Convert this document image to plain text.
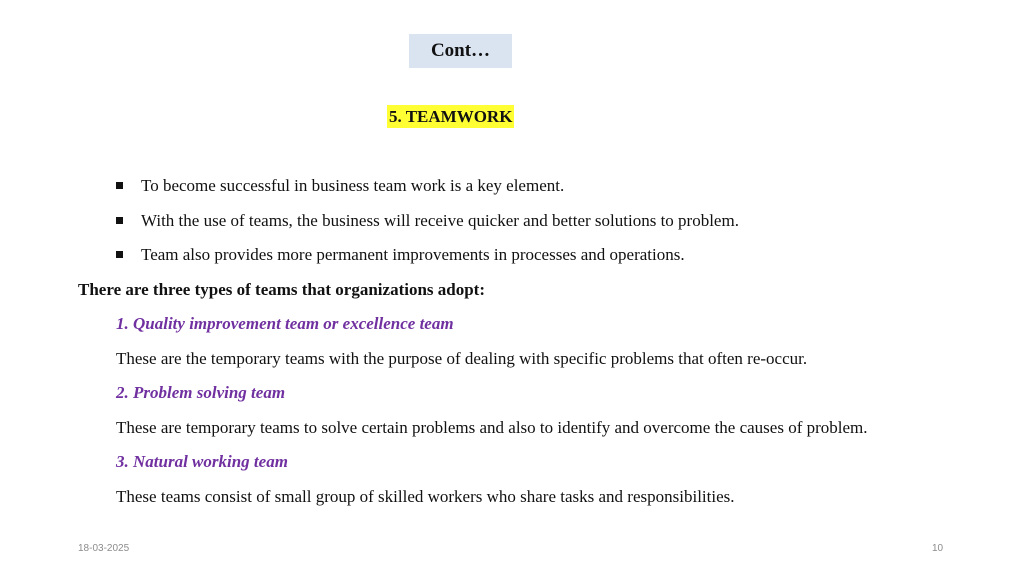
Cont…
5. TEAMWORK
To become successful in business team work is a key element.
With the use of teams, the business will receive quicker and better solutions to problem.
Team also provides more permanent improvements in processes and operations.
There are three types of teams that organizations adopt:
1. Quality improvement team or excellence team
These are the temporary teams with the purpose of dealing with specific problems that often re-occur.
2. Problem solving team
These are temporary teams to solve certain problems and also to identify and overcome the causes of problem.
3. Natural working team
These teams consist of small group of skilled workers who share tasks and responsibilities.
18-03-2025	10
